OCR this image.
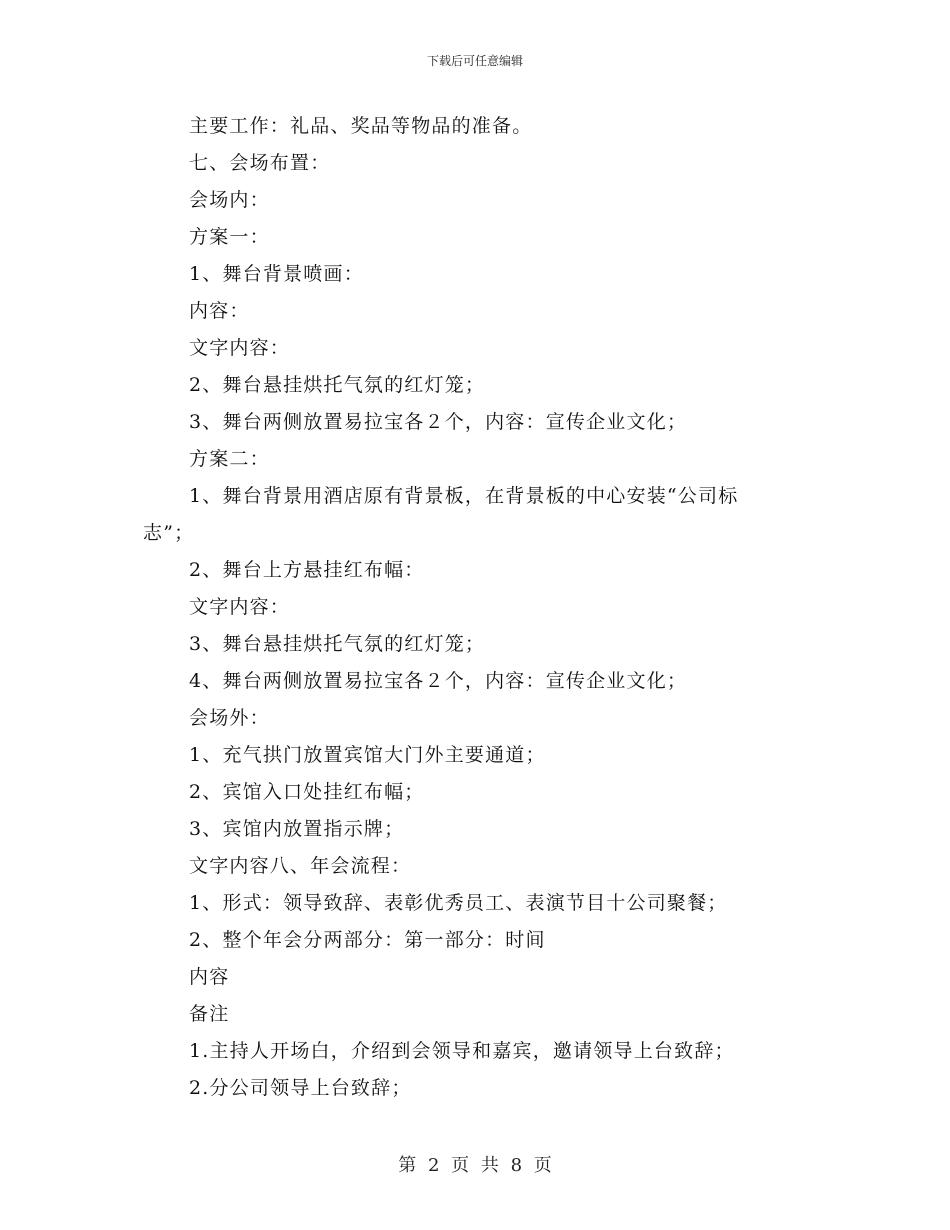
下载后可任意编辑
主要工作：礼品、奖品等物品的准备。
七、会场布置：
会场内：
方案一：
1、舞台背景喷画：
内容：
文字内容：
2、舞台悬挂烘托气氛的红灯笼；
3、舞台两侧放置易拉宝各２个，内容：宣传企业文化；
方案二：
1、舞台背景用酒店原有背景板，在背景板的中心安装“公司标
志”；
2、舞台上方悬挂红布幅：
文字内容：
3、舞台悬挂烘托气氛的红灯笼；
4、舞台两侧放置易拉宝各２个，内容：宣传企业文化；
会场外：
1、充气拱门放置宾馆大门外主要通道；
2、宾馆入口处挂红布幅；
3、宾馆内放置指示牌；
文字内容八、年会流程：
1、形式：领导致辞、表彰优秀员工、表演节目十公司聚餐；
2、整个年会分两部分：第一部分：时间
内容
备注
1.主持人开场白，介绍到会领导和嘉宾，邀请领导上台致辞；
2.分公司领导上台致辞；
第 2 页 共 8 页
